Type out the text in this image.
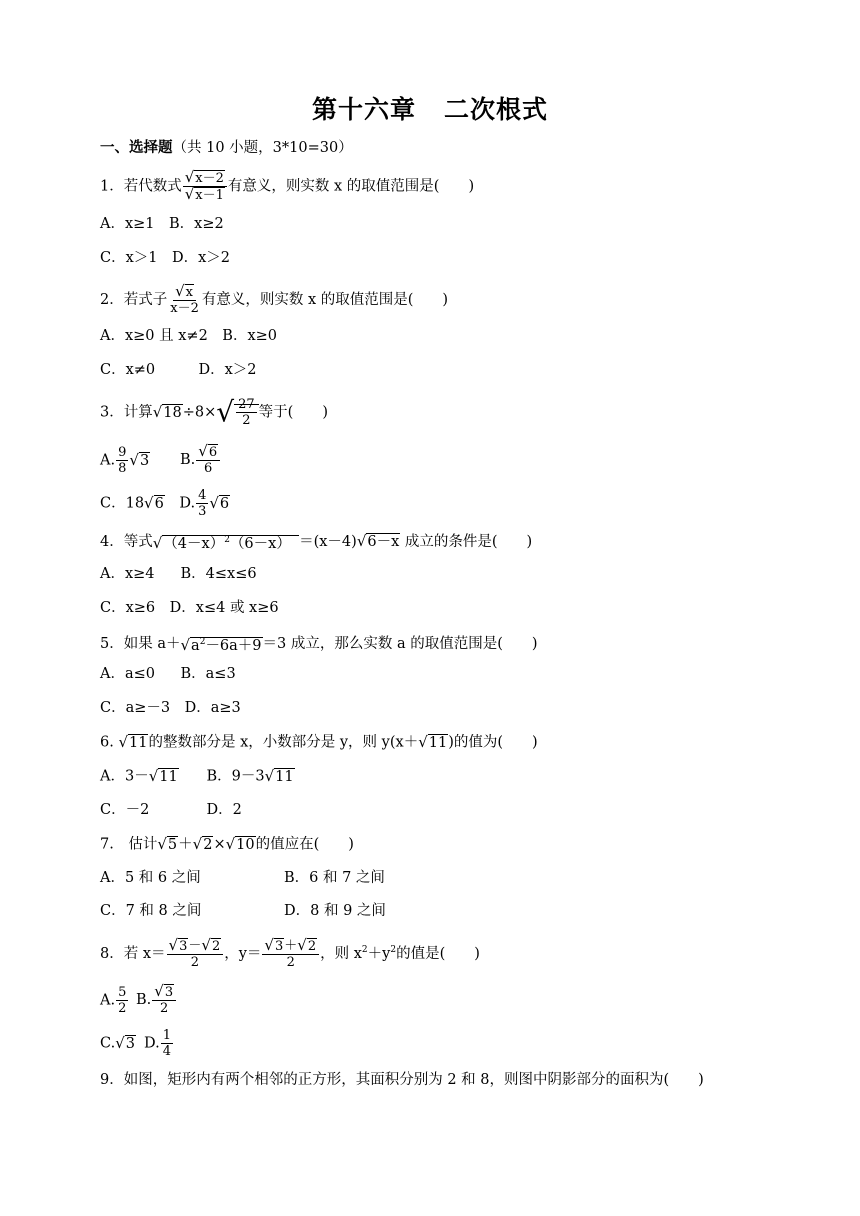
第十六章 二次根式
一、选择题（共 10 小题，3*10=30）
1．若代数式 $\frac{√x-2}{√x-1}$ 有意义，则实数 x 的取值范围是(　　)
A．x≥1　 B．x≥2
C．x＞1　 D．x＞2
2．若式子 $\frac{√x}{x-2}$ 有意义，则实数 x 的取值范围是(　　)
A．x≥0 且 x≠2　 B．x≥0
C．x≠0　	D．x＞2
3．计算$√18\div 8\times√ \frac{27}{2}$ 等于(　　)
A. $\frac{9}{8} √3$ B. $\frac{√6}{6}$
C．18√6　 D. $\frac{4}{3} √6$
4．等式$√(4-x)^2(6-x)$　 ＝(x－4)√6－x 成立的条件是(　　)
A．x≥4　 B．4≤x≤6
C．x≥6　 D．x≤4 或 x≥6
5．如果 $a+√a^2-6a+9=3$ 成立，那么实数 a 的取值范围是(　　)
A．a≤0　 B．a≤3
C．a≥－3　 D．a≥3
6. √11的整数部分是 x，小数部分是 y，则 y(x＋√11)的值为(　　)
A．3－√11　 B．9－3√11
C．－2　	D．2
7.　估计√5＋√2×√10的值应在(　　)
A．5 和 6 之间	B．6 和 7 之间
C．7 和 8 之间	D．8 和 9 之间
8．若 $x= \frac{√3-√2}{2}$ ，$y= \frac{√3+√2}{2}$ ，则 $x^2+y^2$的值是(　　)
A. $\frac{5}{2} B$. $\frac{√3}{2}$
C.√3 D. $\frac{1}{4}$
9．如图，矩形内有两个相邻的正方形，其面积分别为 2 和 8，则图中阴影部分的面积为(　　)
